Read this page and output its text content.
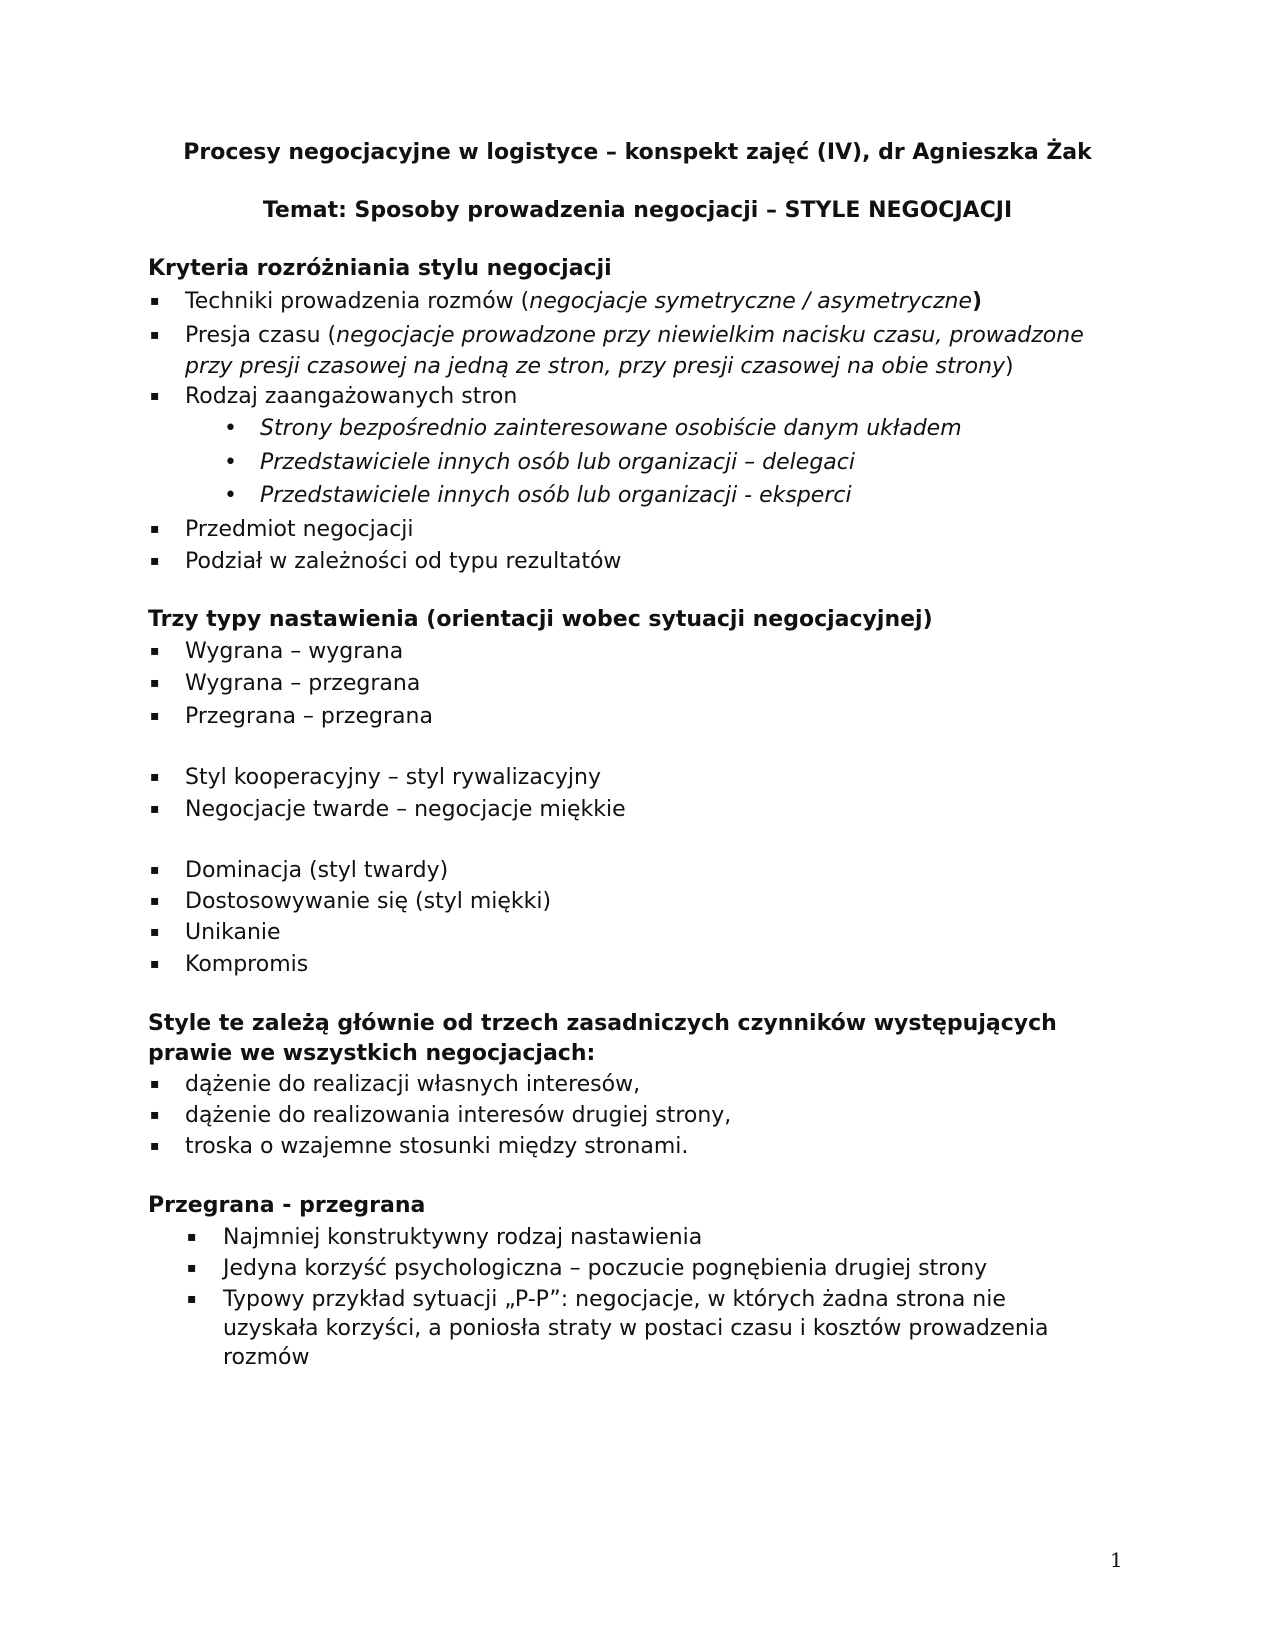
Procesy negocjacyjne w logistyce – konspekt zajęć (IV), dr Agnieszka Żak
Temat: Sposoby prowadzenia negocjacji – STYLE NEGOCJACJI
Kryteria rozróżniania stylu negocjacji
▪ Techniki prowadzenia rozmów (negocjacje symetryczne / asymetryczne)
▪ Presja czasu (negocjacje prowadzone przy niewielkim nacisku czasu, prowadzone przy presji czasowej na jedną ze stron, przy presji czasowej na obie strony)
▪ Rodzaj zaangażowanych stron
• Strony bezpośrednio zainteresowane osobiście danym układem
• Przedstawiciele innych osób lub organizacji – delegaci
• Przedstawiciele innych osób lub organizacji - eksperci
▪ Przedmiot negocjacji
▪ Podział w zależności od typu rezultatów
Trzy typy nastawienia (orientacji wobec sytuacji negocjacyjnej)
▪ Wygrana – wygrana
▪ Wygrana – przegrana
▪ Przegrana – przegrana
▪ Styl kooperacyjny – styl rywalizacyjny
▪ Negocjacje twarde – negocjacje miękkie
▪ Dominacja (styl twardy)
▪ Dostosowywanie się (styl miękki)
▪ Unikanie
▪ Kompromis
Style te zależą głównie od trzech zasadniczych czynników występujących
prawie we wszystkich negocjacjach:
▪ dążenie do realizacji własnych interesów,
▪ dążenie do realizowania interesów drugiej strony,
▪ troska o wzajemne stosunki między stronami.
Przegrana - przegrana
▪ Najmniej konstruktywny rodzaj nastawienia
▪ Jedyna korzyść psychologiczna – poczucie pognębienia drugiej strony
▪ Typowy przykład sytuacji „P-P”: negocjacje, w których żadna strona nie uzyskała korzyści, a poniosła straty w postaci czasu i kosztów prowadzenia rozmów
1
